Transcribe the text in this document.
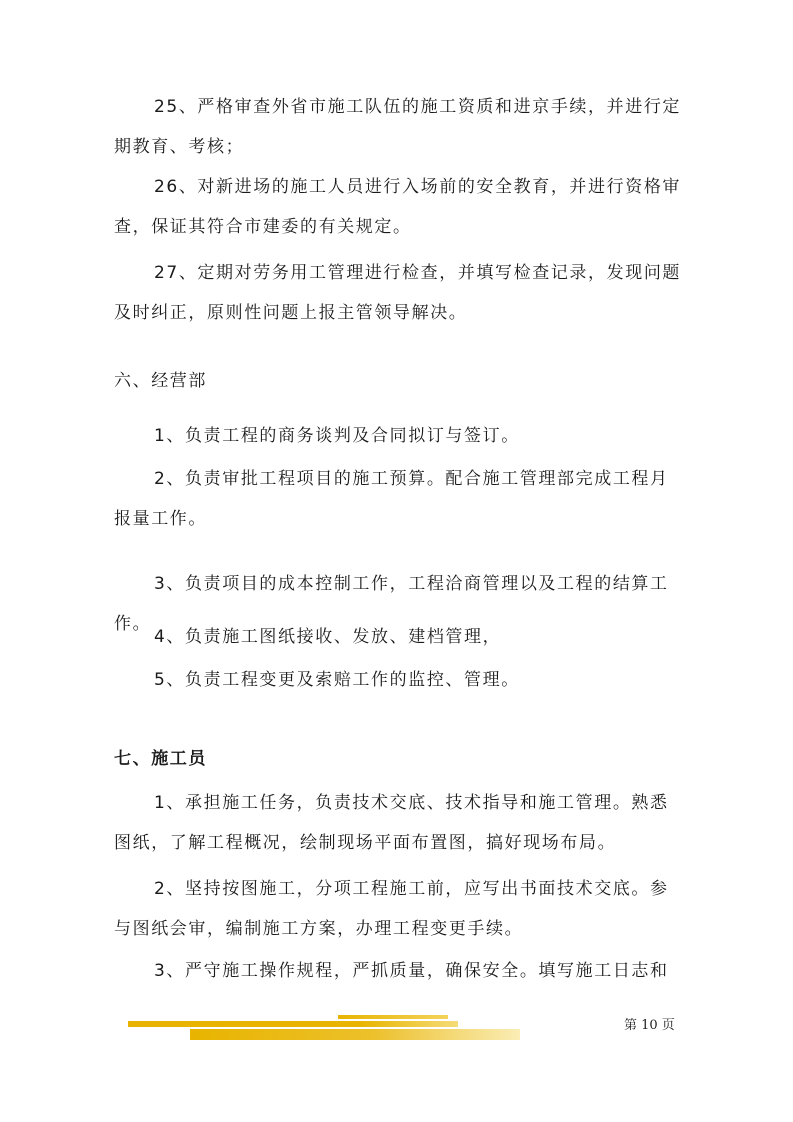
25、严格审查外省市施工队伍的施工资质和进京手续，并进行定期教育、考核；

26、对新进场的施工人员进行入场前的安全教育，并进行资格审查，保证其符合市建委的有关规定。

27、定期对劳务用工管理进行检查，并填写检查记录，发现问题及时纠正，原则性问题上报主管领导解决。

六、经营部

1、负责工程的商务谈判及合同拟订与签订。

2、负责审批工程项目的施工预算。配合施工管理部完成工程月报量工作。

3、负责项目的成本控制工作，工程洽商管理以及工程的结算工作。

4、负责施工图纸接收、发放、建档管理，

5、负责工程变更及索赔工作的监控、管理。

七、施工员

1、承担施工任务，负责技术交底、技术指导和施工管理。熟悉图纸，了解工程概况，绘制现场平面布置图，搞好现场布局。

2、坚持按图施工，分项工程施工前，应写出书面技术交底。参与图纸会审，编制施工方案，办理工程变更手续。

3、严守施工操作规程，严抓质量，确保安全。填写施工日志和

第 10 页
